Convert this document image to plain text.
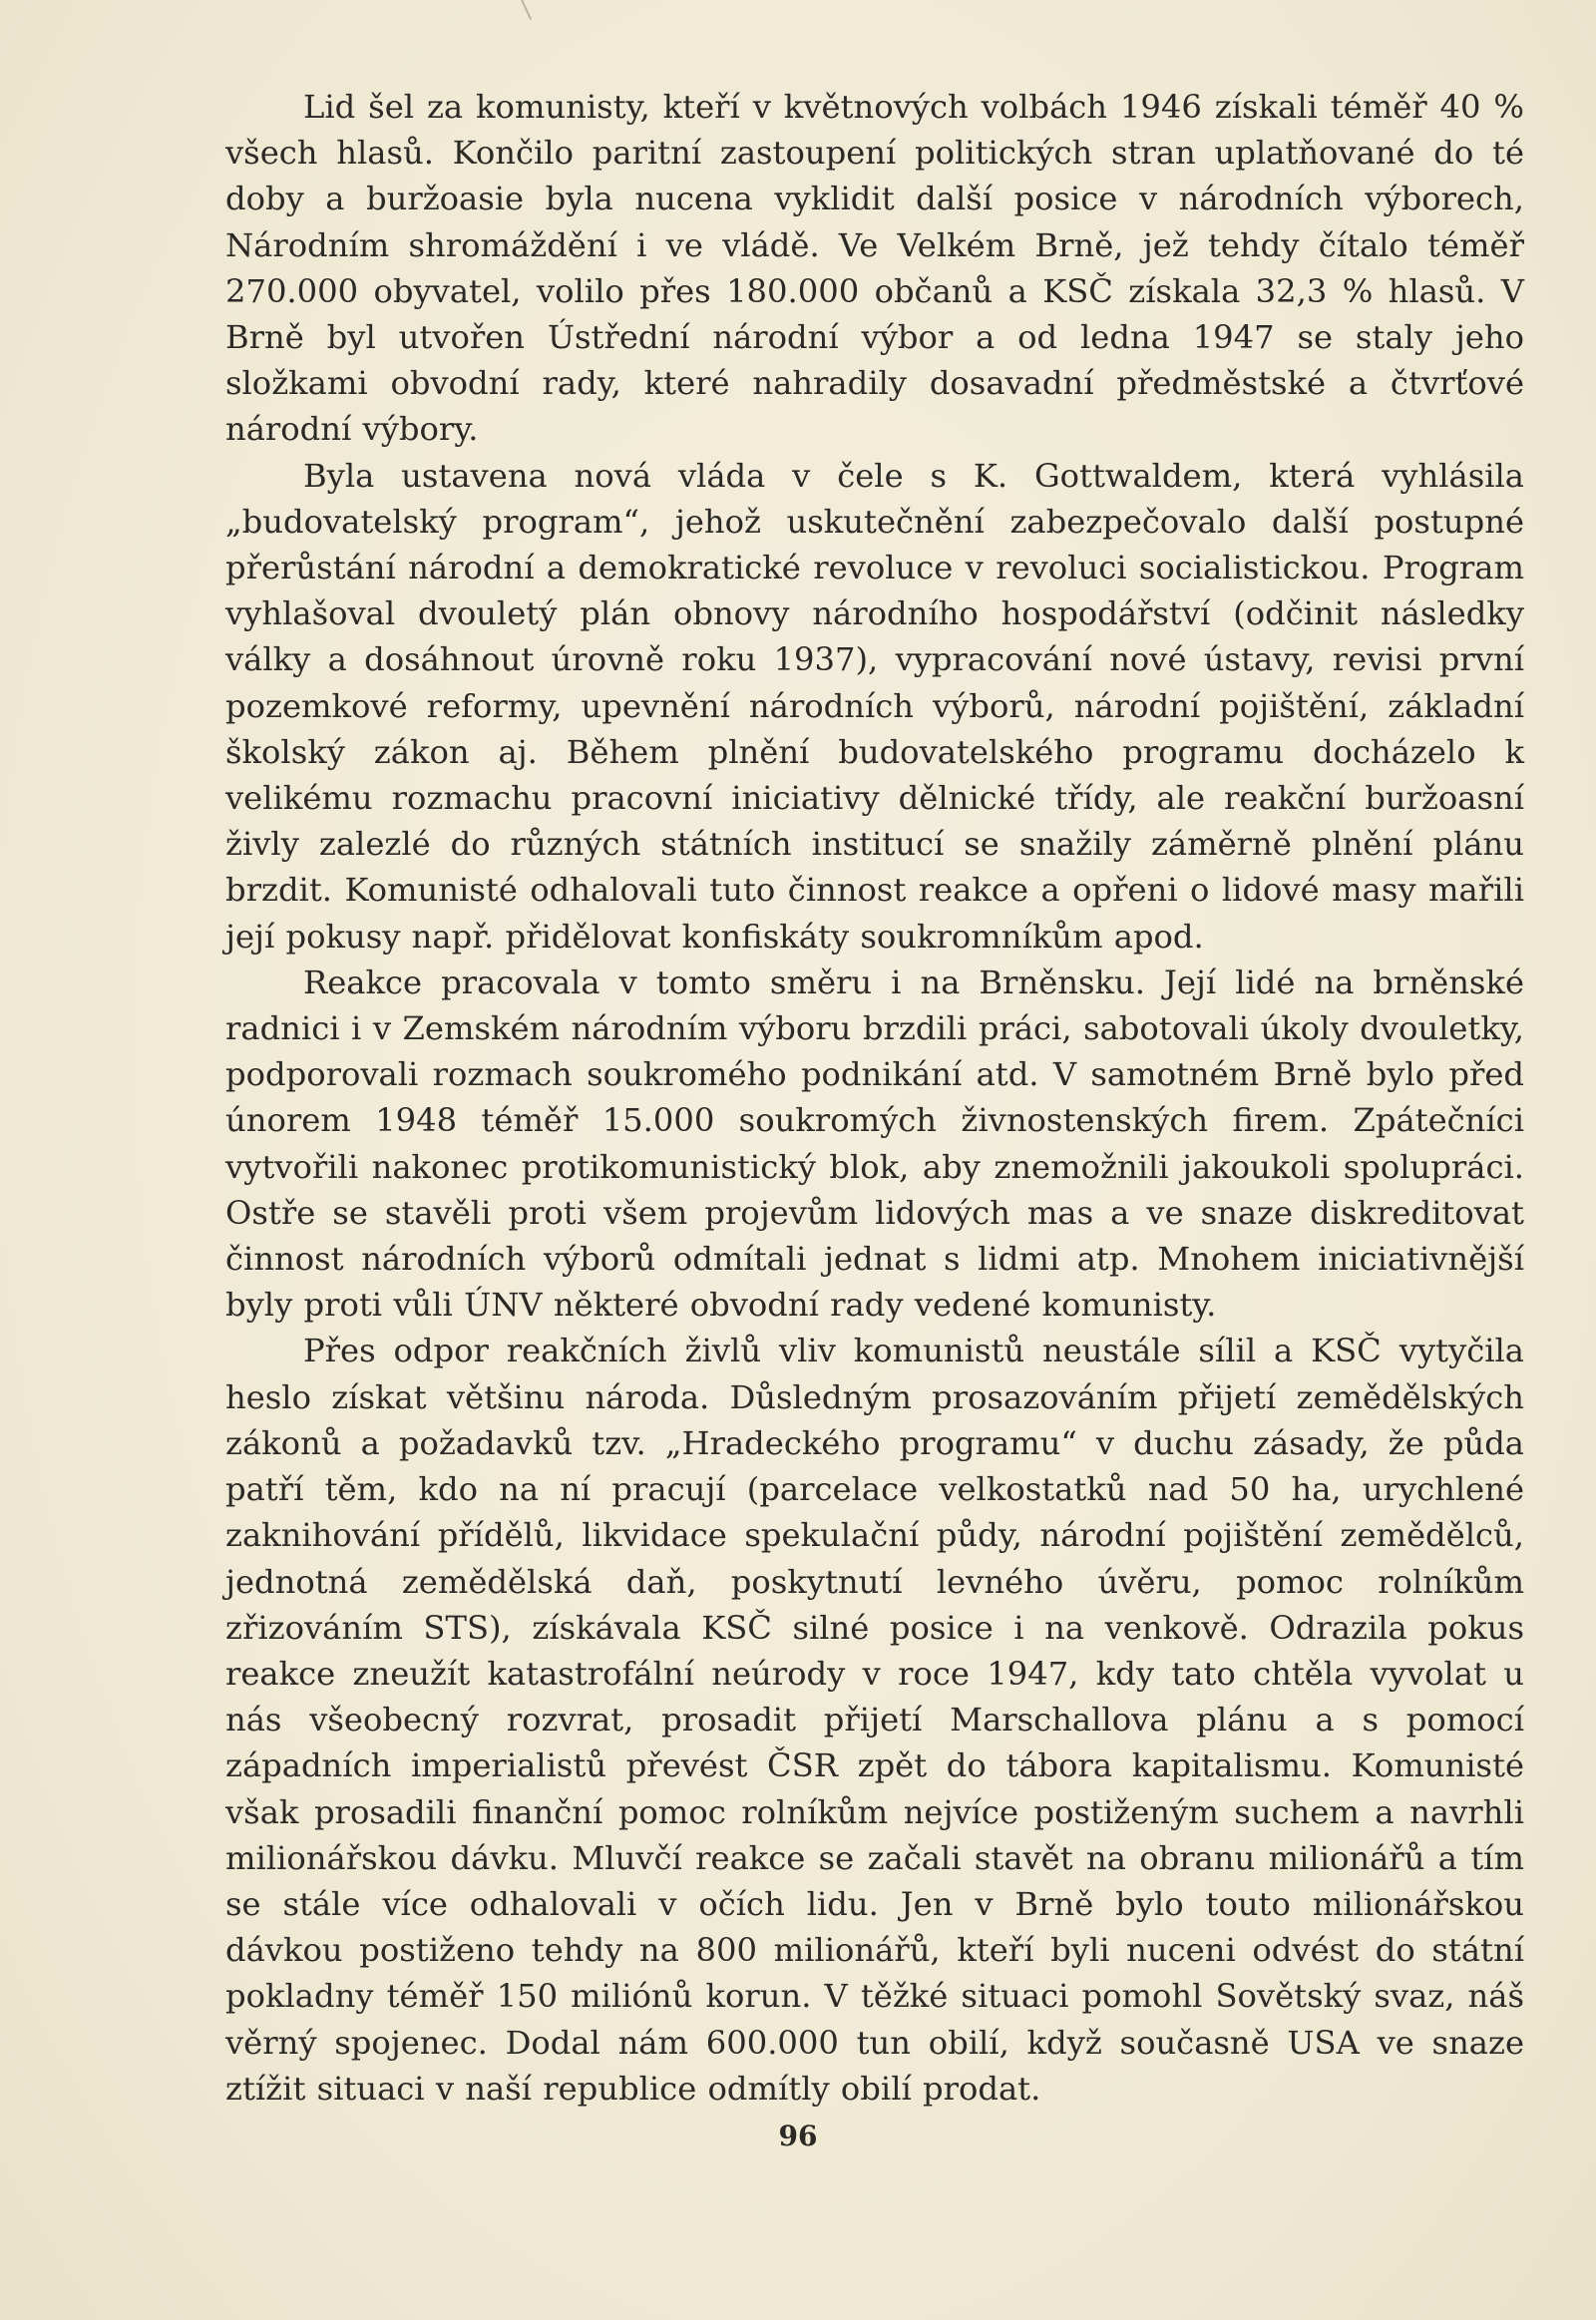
Lid šel za komunisty, kteří v květnových volbách 1946 získali téměř 40 % všech hlasů. Končilo paritní zastoupení politických stran uplatňované do té doby a buržoasie byla nucena vyklidit další posice v národních výborech, Národním shromáždění i ve vládě. Ve Velkém Brně, jež tehdy čítalo téměř 270.000 obyvatel, volilo přes 180.000 občanů a KSČ získala 32,3 % hlasů. V Brně byl utvořen Ústřední národní výbor a od ledna 1947 se staly jeho složkami obvodní rady, které nahradily dosavadní předměstské a čtvrťové národní výbory.

Byla ustavena nová vláda v čele s K. Gottwaldem, která vyhlásila „budovatelský program“, jehož uskutečnění zabezpečovalo další postupné přerůstání národní a demokratické revoluce v revoluci socialistickou. Program vyhlašoval dvouletý plán obnovy národního hospodářství (odčinit následky války a dosáhnout úrovně roku 1937), vypracování nové ústavy, revisi první pozemkové reformy, upevnění národních výborů, národní pojištění, základní školský zákon aj. Během plnění budovatelského programu docházelo k velikému rozmachu pracovní iniciativy dělnické třídy, ale reakční buržoasní živly zalezlé do různých státních institucí se snažily záměrně plnění plánu brzdit. Komunisté odhalovali tuto činnost reakce a opřeni o lidové masy mařili její pokusy např. přidělovat konfiskáty soukromníkům apod.

Reakce pracovala v tomto směru i na Brněnsku. Její lidé na brněnské radnici i v Zemském národním výboru brzdili práci, sabotovali úkoly dvouletky, podporovali rozmach soukromého podnikání atd. V samotném Brně bylo před únorem 1948 téměř 15.000 soukromých živnostenských firem. Zpátečníci vytvořili nakonec protikomunistický blok, aby znemožnili jakoukoli spolupráci. Ostře se stavěli proti všem projevům lidových mas a ve snaze diskreditovat činnost národních výborů odmítali jednat s lidmi atp. Mnohem iniciativnější byly proti vůli ÚNV některé obvodní rady vedené komunisty.

Přes odpor reakčních živlů vliv komunistů neustále sílil a KSČ vytyčila heslo získat většinu národa. Důsledným prosazováním přijetí zemědělských zákonů a požadavků tzv. „Hradeckého programu“ v duchu zásady, že půda patří těm, kdo na ní pracují (parcelace velkostatků nad 50 ha, urychlené zaknihování přídělů, likvidace spekulační půdy, národní pojištění zemědělců, jednotná zemědělská daň, poskytnutí levného úvěru, pomoc rolníkům zřizováním STS), získávala KSČ silné posice i na venkově. Odrazila pokus reakce zneužít katastrofální neúrody v roce 1947, kdy tato chtěla vyvolat u nás všeobecný rozvrat, prosadit přijetí Marschallova plánu a s pomocí západních imperialistů převést ČSR zpět do tábora kapitalismu. Komunisté však prosadili finanční pomoc rolníkům nejvíce postiženým suchem a navrhli milionářskou dávku. Mluvčí reakce se začali stavět na obranu milionářů a tím se stále více odhalovali v očích lidu. Jen v Brně bylo touto milionářskou dávkou postiženo tehdy na 800 milionářů, kteří byli nuceni odvést do státní pokladny téměř 150 miliónů korun. V těžké situaci pomohl Sovětský svaz, náš věrný spojenec. Dodal nám 600.000 tun obilí, když současně USA ve snaze ztížit situaci v naší republice odmítly obilí prodat.

96
